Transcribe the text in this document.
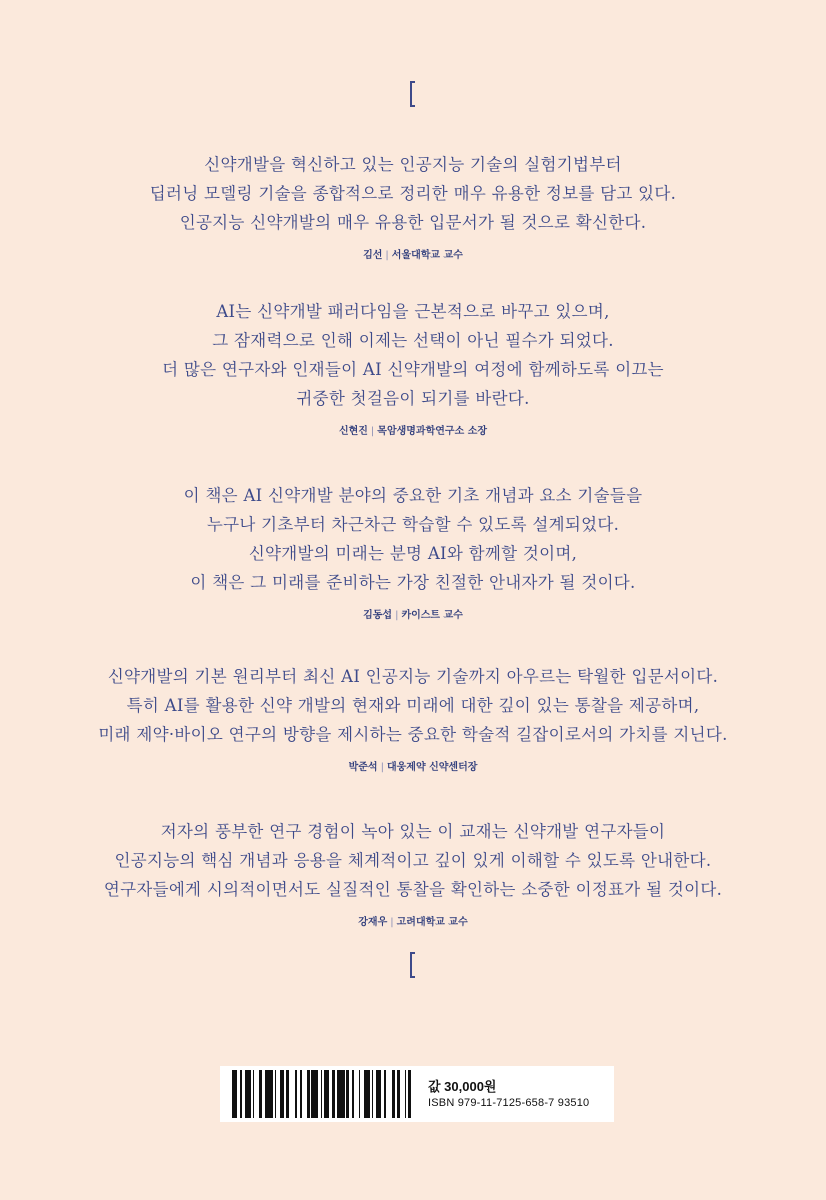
신약개발을 혁신하고 있는 인공지능 기술의 실험기법부터
딥러닝 모델링 기술을 종합적으로 정리한 매우 유용한 정보를 담고 있다.
인공지능 신약개발의 매우 유용한 입문서가 될 것으로 확신한다.
김선 | 서울대학교 교수
AI는 신약개발 패러다임을 근본적으로 바꾸고 있으며,
그 잠재력으로 인해 이제는 선택이 아닌 필수가 되었다.
더 많은 연구자와 인재들이 AI 신약개발의 여정에 함께하도록 이끄는
귀중한 첫걸음이 되기를 바란다.
신현진 | 목암생명과학연구소 소장
이 책은 AI 신약개발 분야의 중요한 기초 개념과 요소 기술들을
누구나 기초부터 차근차근 학습할 수 있도록 설계되었다.
신약개발의 미래는 분명 AI와 함께할 것이며,
이 책은 그 미래를 준비하는 가장 친절한 안내자가 될 것이다.
김동섭 | 카이스트 교수
신약개발의 기본 원리부터 최신 AI 인공지능 기술까지 아우르는 탁월한 입문서이다.
특히 AI를 활용한 신약 개발의 현재와 미래에 대한 깊이 있는 통찰을 제공하며,
미래 제약·바이오 연구의 방향을 제시하는 중요한 학술적 길잡이로서의 가치를 지닌다.
박준석 | 대웅제약 신약센터장
저자의 풍부한 연구 경험이 녹아 있는 이 교재는 신약개발 연구자들이
인공지능의 핵심 개념과 응용을 체계적이고 깊이 있게 이해할 수 있도록 안내한다.
연구자들에게 시의적이면서도 실질적인 통찰을 확인하는 소중한 이정표가 될 것이다.
강재우 | 고려대학교 교수
값 30,000원
ISBN 979-11-7125-658-7 93510
